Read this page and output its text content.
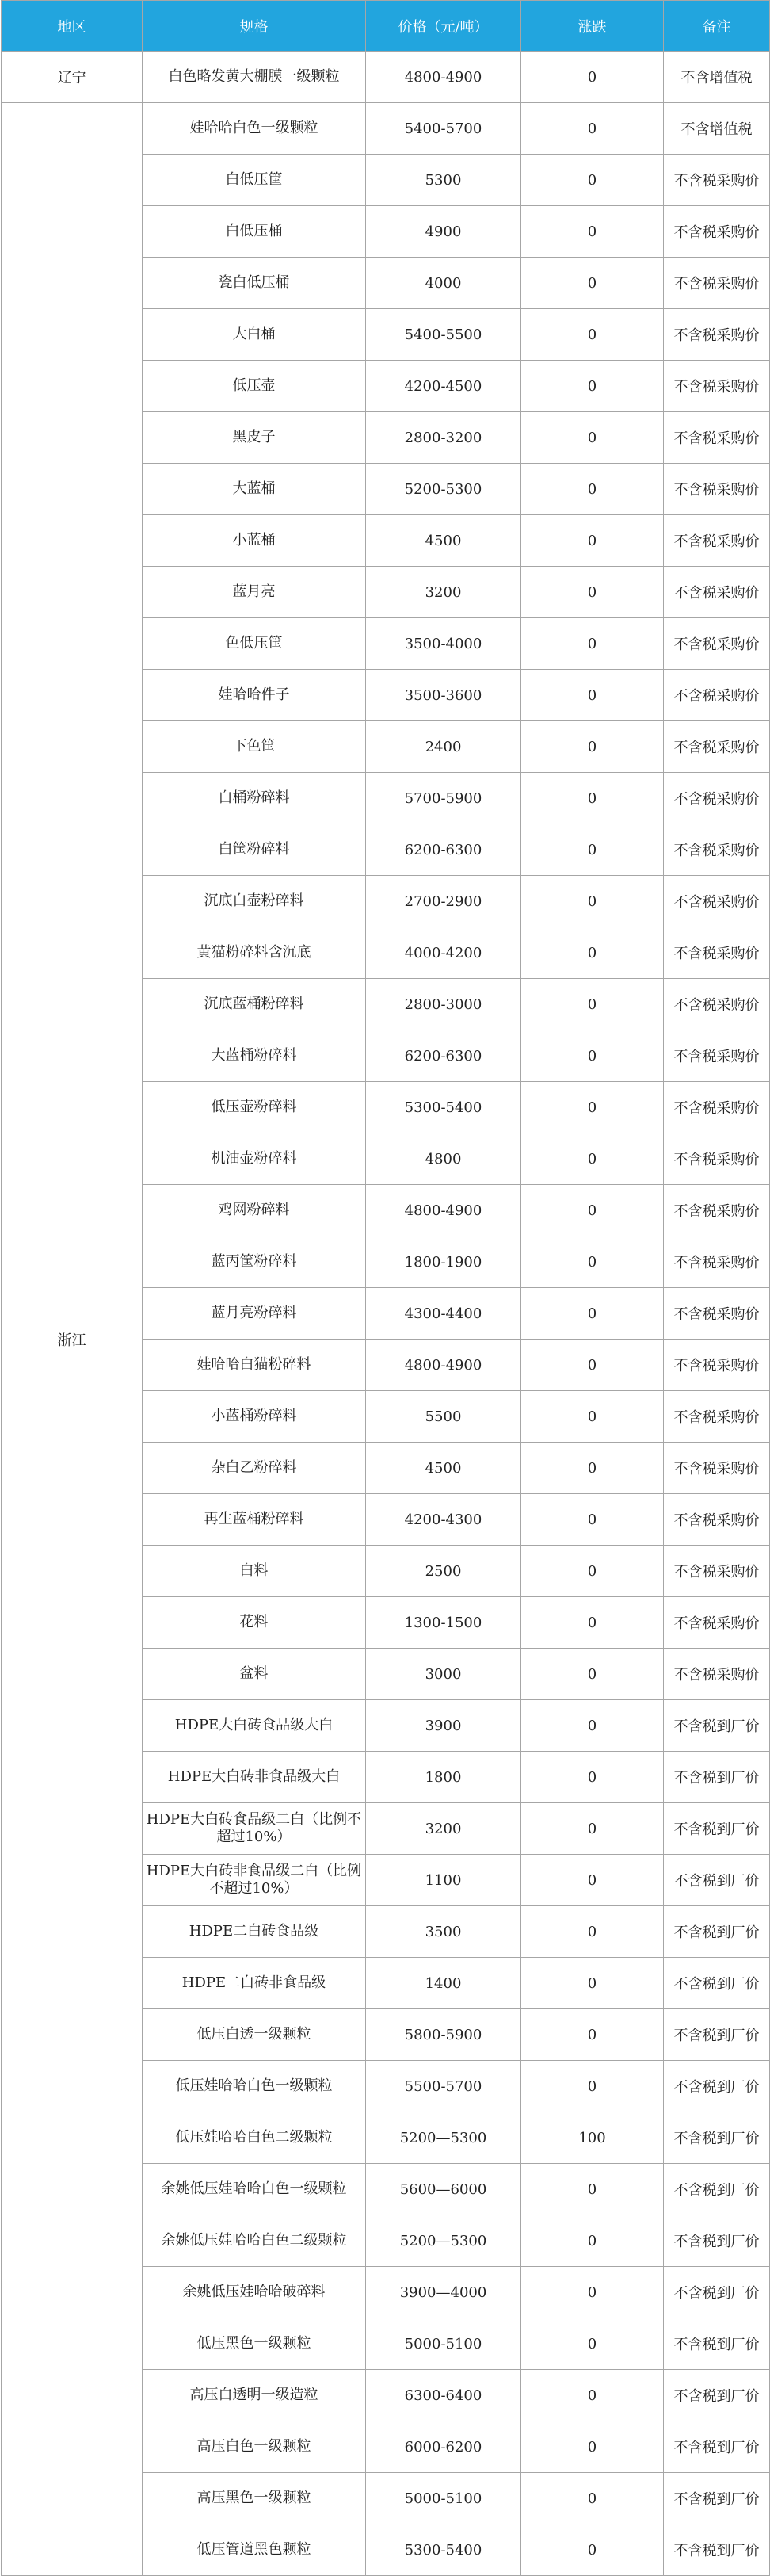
地区	规格	价格（元/吨）	涨跌	备注
辽宁	白色略发黄大棚膜一级颗粒	4800-4900	0	不含增值税
浙江	娃哈哈白色一级颗粒	5400-5700	0	不含增值税
	白低压筐	5300	0	不含税采购价
	白低压桶	4900	0	不含税采购价
	瓷白低压桶	4000	0	不含税采购价
	大白桶	5400-5500	0	不含税采购价
	低压壶	4200-4500	0	不含税采购价
	黑皮子	2800-3200	0	不含税采购价
	大蓝桶	5200-5300	0	不含税采购价
	小蓝桶	4500	0	不含税采购价
	蓝月亮	3200	0	不含税采购价
	色低压筐	3500-4000	0	不含税采购价
	娃哈哈件子	3500-3600	0	不含税采购价
	下色筐	2400	0	不含税采购价
	白桶粉碎料	5700-5900	0	不含税采购价
	白筐粉碎料	6200-6300	0	不含税采购价
	沉底白壶粉碎料	2700-2900	0	不含税采购价
	黄猫粉碎料含沉底	4000-4200	0	不含税采购价
	沉底蓝桶粉碎料	2800-3000	0	不含税采购价
	大蓝桶粉碎料	6200-6300	0	不含税采购价
	低压壶粉碎料	5300-5400	0	不含税采购价
	机油壶粉碎料	4800	0	不含税采购价
	鸡网粉碎料	4800-4900	0	不含税采购价
	蓝丙筐粉碎料	1800-1900	0	不含税采购价
	蓝月亮粉碎料	4300-4400	0	不含税采购价
	娃哈哈白猫粉碎料	4800-4900	0	不含税采购价
	小蓝桶粉碎料	5500	0	不含税采购价
	杂白乙粉碎料	4500	0	不含税采购价
	再生蓝桶粉碎料	4200-4300	0	不含税采购价
	白料	2500	0	不含税采购价
	花料	1300-1500	0	不含税采购价
	盆料	3000	0	不含税采购价
	HDPE大白砖食品级大白	3900	0	不含税到厂价
	HDPE大白砖非食品级大白	1800	0	不含税到厂价
	HDPE大白砖食品级二白（比例不超过10%）	3200	0	不含税到厂价
	HDPE大白砖非食品级二白（比例不超过10%）	1100	0	不含税到厂价
	HDPE二白砖食品级	3500	0	不含税到厂价
	HDPE二白砖非食品级	1400	0	不含税到厂价
	低压白透一级颗粒	5800-5900	0	不含税到厂价
	低压娃哈哈白色一级颗粒	5500-5700	0	不含税到厂价
	低压娃哈哈白色二级颗粒	5200—5300	100	不含税到厂价
	余姚低压娃哈哈白色一级颗粒	5600—6000	0	不含税到厂价
	余姚低压娃哈哈白色二级颗粒	5200—5300	0	不含税到厂价
	余姚低压娃哈哈破碎料	3900—4000	0	不含税到厂价
	低压黑色一级颗粒	5000-5100	0	不含税到厂价
	高压白透明一级造粒	6300-6400	0	不含税到厂价
	高压白色一级颗粒	6000-6200	0	不含税到厂价
	高压黑色一级颗粒	5000-5100	0	不含税到厂价
	低压管道黑色颗粒	5300-5400	0	不含税到厂价
